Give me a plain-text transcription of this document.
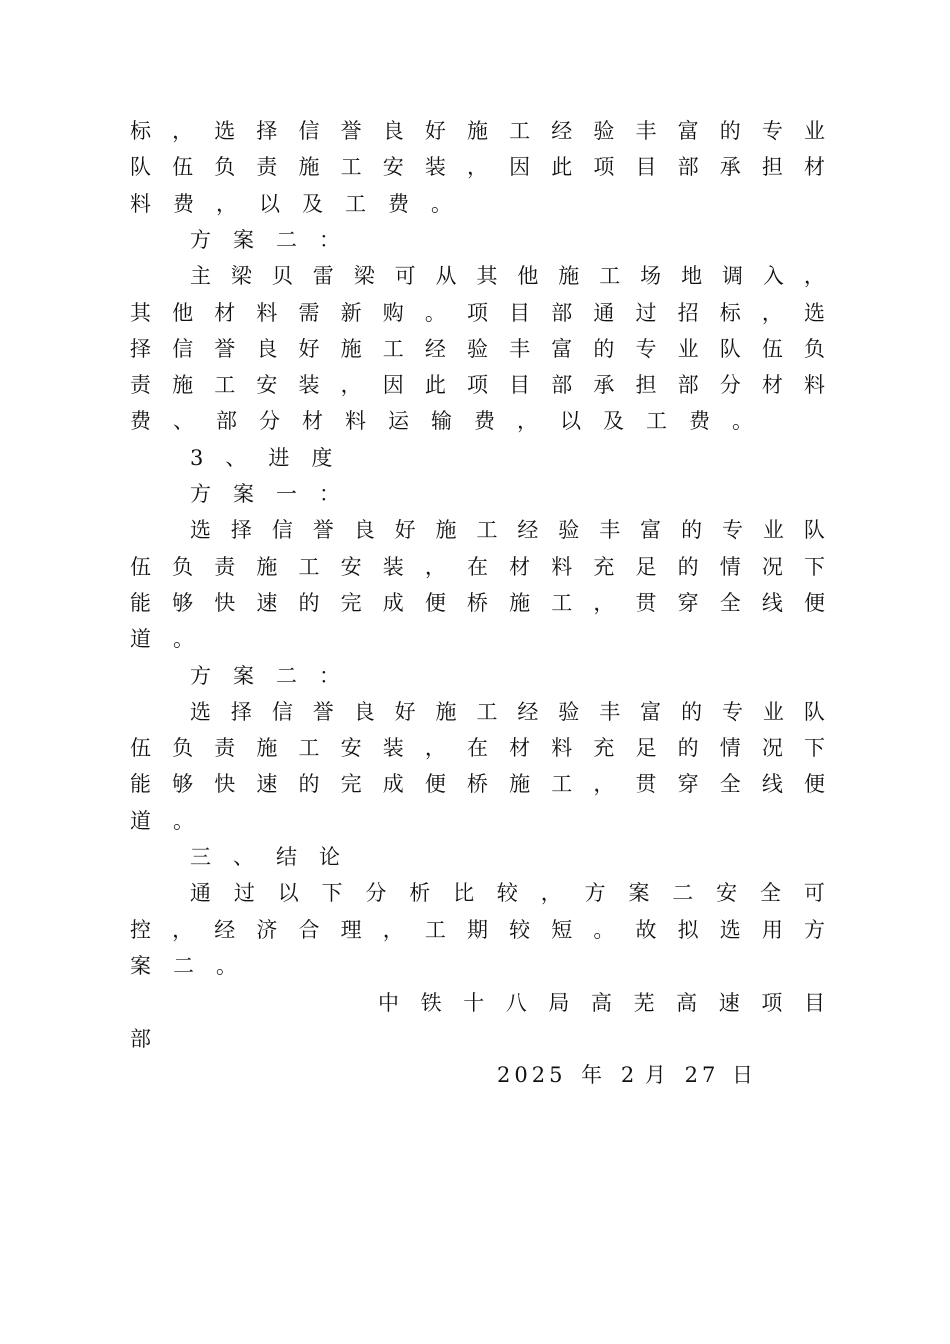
标 ， 选 择 信 誉 良 好 施 工 经 验 丰 富 的 专 业
队 伍 负 责 施 工 安 装 ， 因 此 项 目 部 承 担 材
料 费 ， 以 及 工 费 。
方 案 二 ：
主 梁 贝 雷 梁 可 从 其 他 施 工 场 地 调 入 ，
其 他 材 料 需 新 购 。 项 目 部 通 过 招 标 ， 选
择 信 誉 良 好 施 工 经 验 丰 富 的 专 业 队 伍 负
责 施 工 安 装 ， 因 此 项 目 部 承 担 部 分 材 料
费 、 部 分 材 料 运 输 费 ， 以 及 工 费 。
3 、 进 度
方 案 一 ：
选 择 信 誉 良 好 施 工 经 验 丰 富 的 专 业 队
伍 负 责 施 工 安 装 ， 在 材 料 充 足 的 情 况 下
能 够 快 速 的 完 成 便 桥 施 工 ， 贯 穿 全 线 便
道 。
方 案 二 ：
选 择 信 誉 良 好 施 工 经 验 丰 富 的 专 业 队
伍 负 责 施 工 安 装 ， 在 材 料 充 足 的 情 况 下
能 够 快 速 的 完 成 便 桥 施 工 ， 贯 穿 全 线 便
道 。
三 、 结 论
通 过 以 下 分 析 比 较 ， 方 案 二 安 全 可
控 ， 经 济 合 理 ， 工 期 较 短 。 故 拟 选 用 方
案 二 。
中 铁 十 八 局 高 芜 高 速 项 目
部
2025 年 2 月 27 日
